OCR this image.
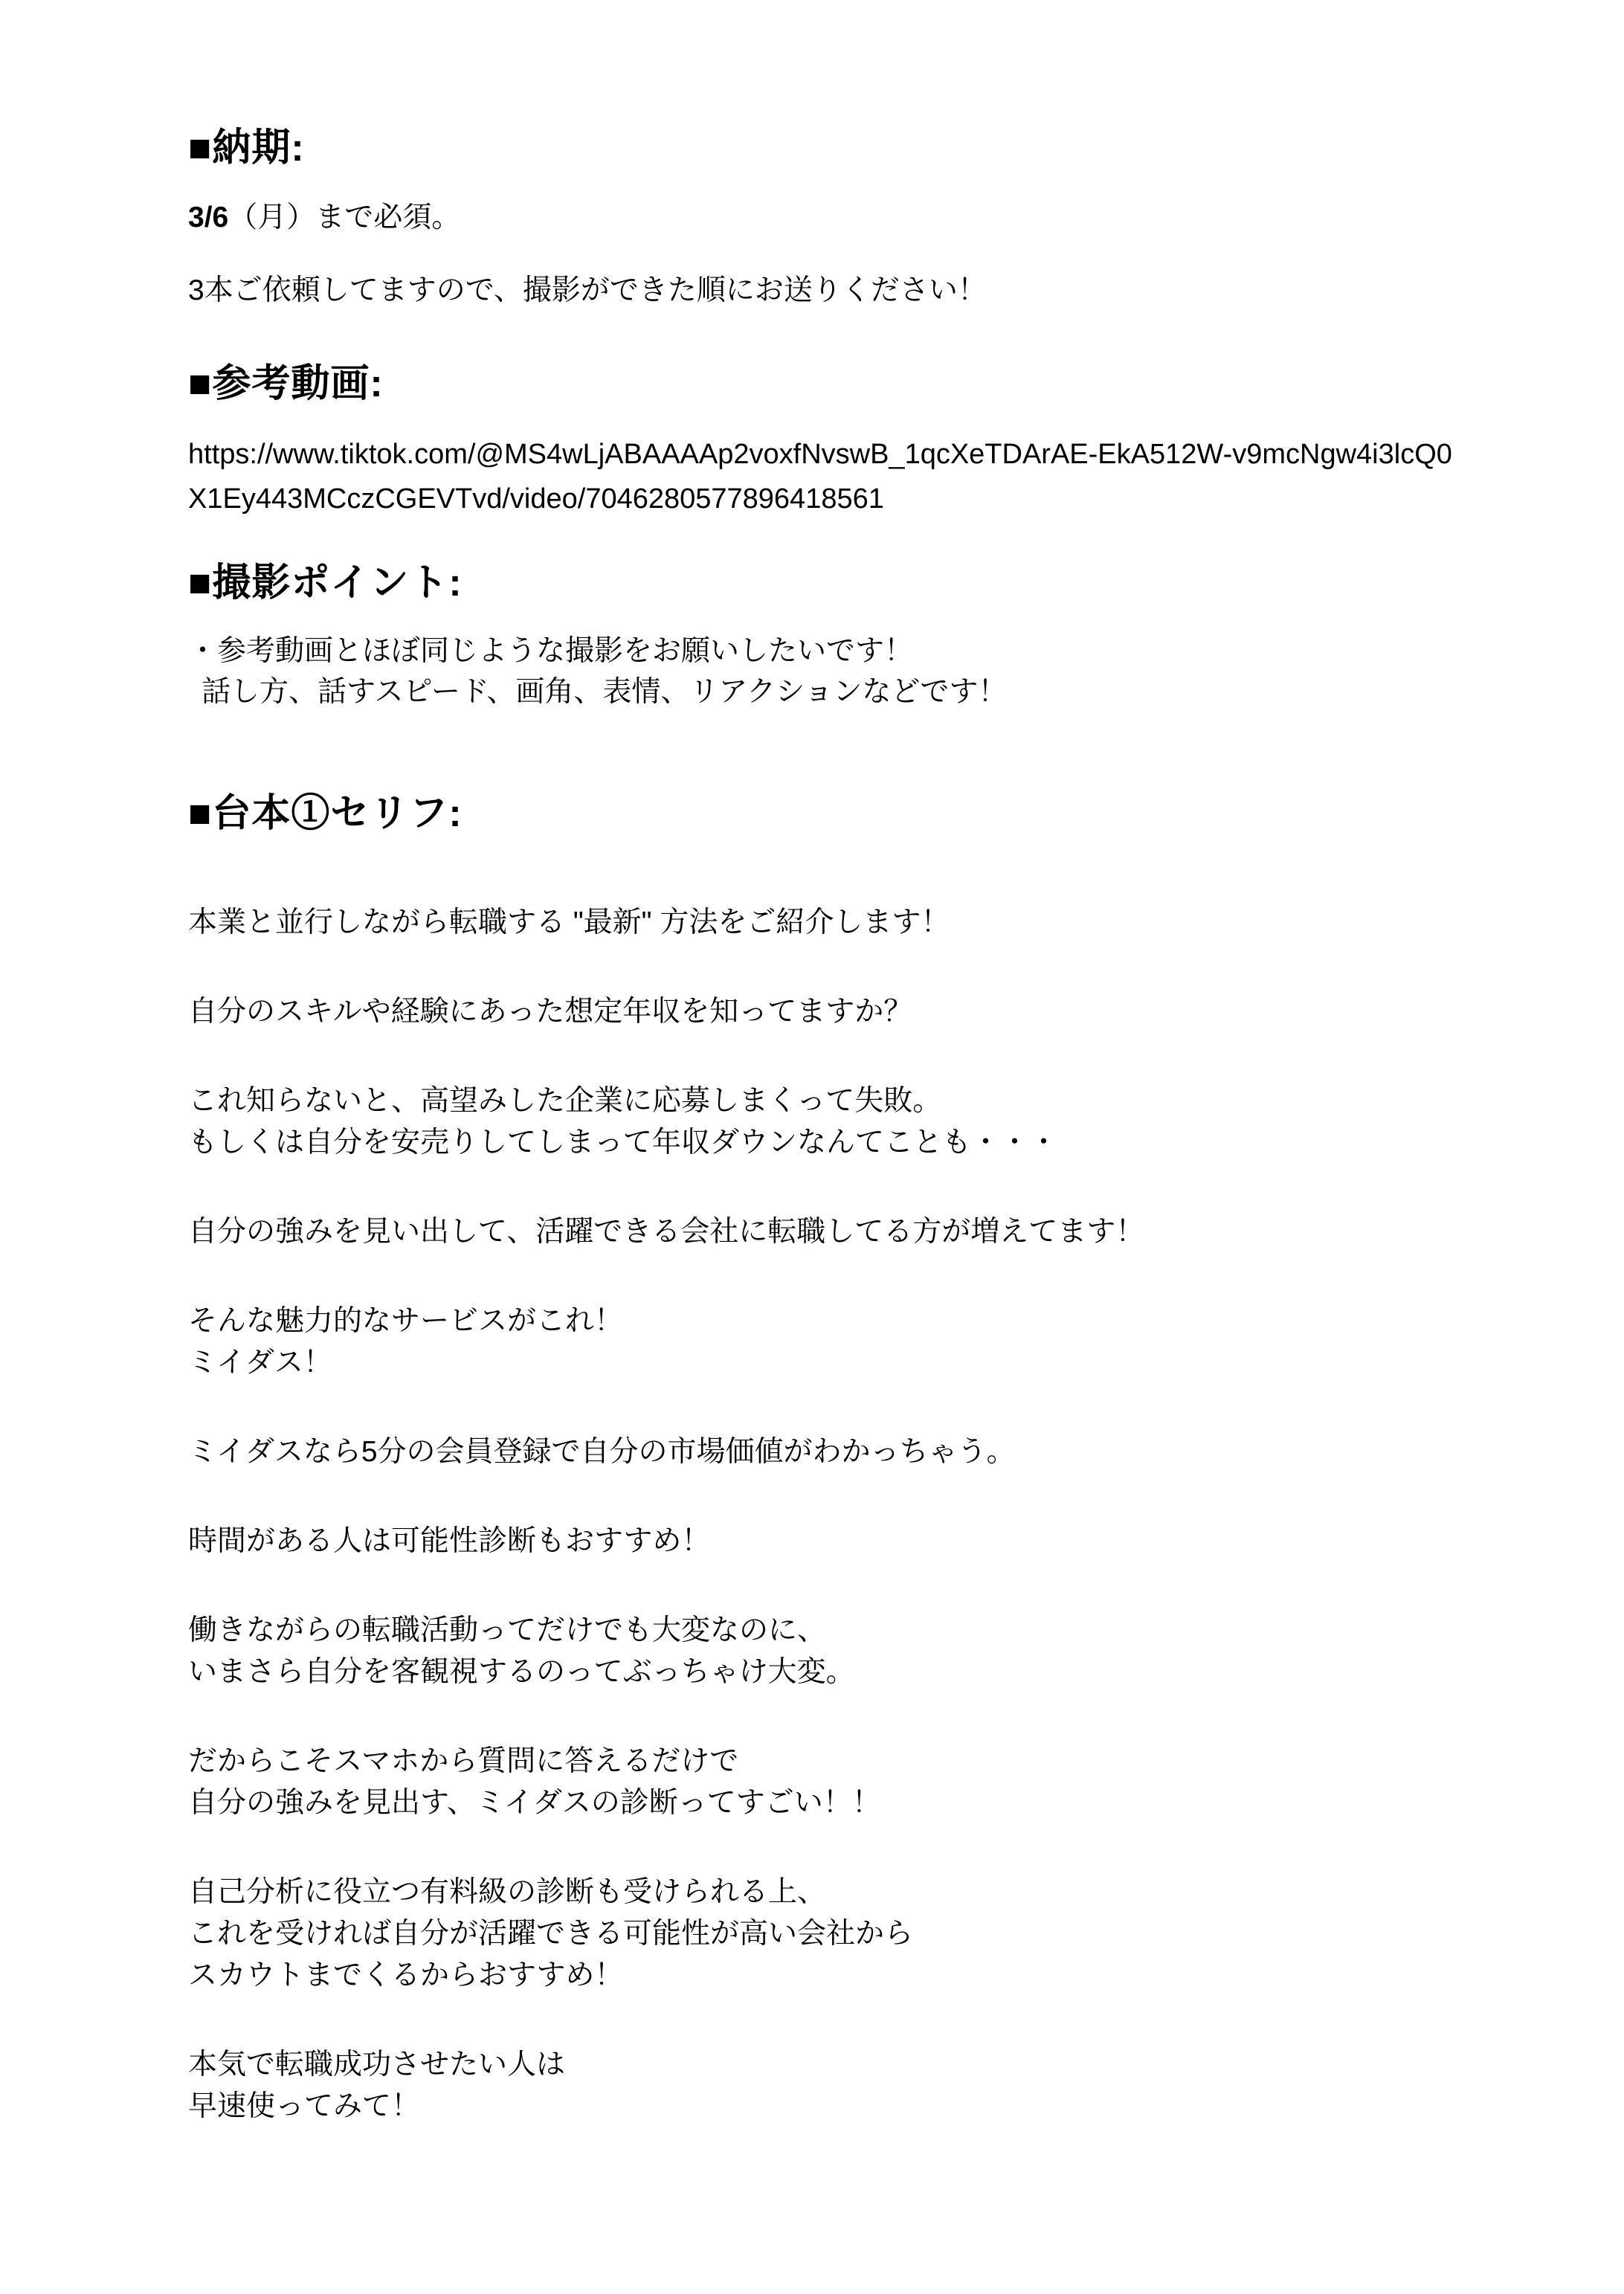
■納期:
3/6（月）まで必須。
3本ご依頼してますので、撮影ができた順にお送りください！
■参考動画:
https://www.tiktok.com/@MS4wLjABAAAAp2voxfNvswB_1qcXeTDArAE-EkA512W-v9mcNgw4i3lcQ0
X1Ey443MCczCGEVTvd/video/7046280577896418561
■撮影ポイント:
・参考動画とほぼ同じような撮影をお願いしたいです！
話し方、話すスピード、画角、表情、リアクションなどです！
■台本①セリフ:

本業と並行しながら転職する "最新" 方法をご紹介します！

自分のスキルや経験にあった想定年収を知ってますか？

これ知らないと、高望みした企業に応募しまくって失敗。
もしくは自分を安売りしてしまって年収ダウンなんてことも・・・

自分の強みを見い出して、活躍できる会社に転職してる方が増えてます！

そんな魅力的なサービスがこれ！
ミイダス！

ミイダスなら5分の会員登録で自分の市場価値がわかっちゃう。

時間がある人は可能性診断もおすすめ！

働きながらの転職活動ってだけでも大変なのに、
いまさら自分を客観視するのってぶっちゃけ大変。

だからこそスマホから質問に答えるだけで
自分の強みを見出す、ミイダスの診断ってすごい！！

自己分析に役立つ有料級の診断も受けられる上、
これを受ければ自分が活躍できる可能性が高い会社から
スカウトまでくるからおすすめ！

本気で転職成功させたい人は
早速使ってみて！
